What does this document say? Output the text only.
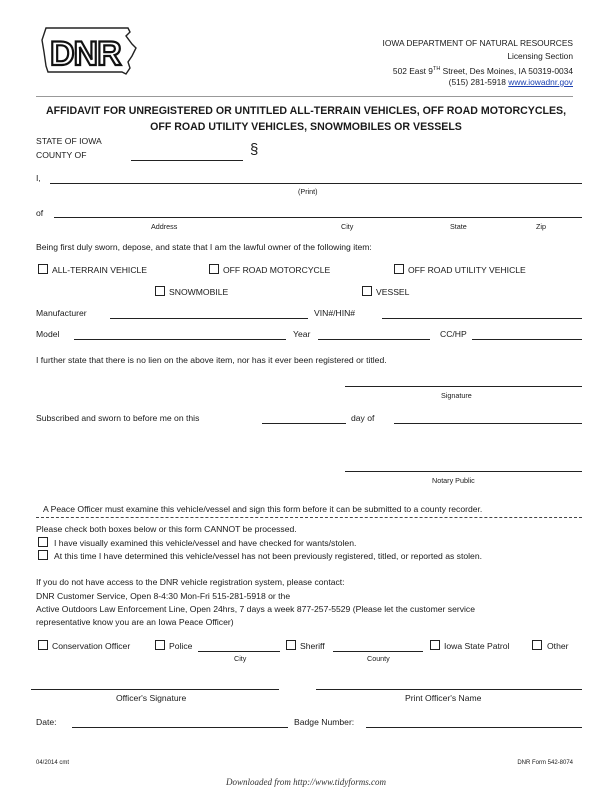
DNR	IOWA DEPARTMENT OF NATURAL RESOURCES
Licensing Section
502 East 9TH Street, Des Moines, IA 50319-0034
(515) 281-5918 www.iowadnr.gov
AFFIDAVIT FOR UNREGISTERED OR UNTITLED ALL-TERRAIN VEHICLES, OFF ROAD MOTORCYCLES,
OFF ROAD UTILITY VEHICLES, SNOWMOBILES OR VESSELS
STATE OF IOWA
COUNTY OF	§
I,
(Print)
of
Address	City	State	Zip
Being first duly sworn, depose, and state that I am the lawful owner of the following item:
ALL-TERRAIN VEHICLE	OFF ROAD MOTORCYCLE	OFF ROAD UTILITY VEHICLE
SNOWMOBILE	VESSEL
Manufacturer	VIN#/HIN#
Model	Year	CC/HP
I further state that there is no lien on the above item, nor has it ever been registered or titled.
Signature
Subscribed and sworn to before me on this	day of
Notary Public
A Peace Officer must examine this vehicle/vessel and sign this form before it can be submitted to a county recorder.
Please check both boxes below or this form CANNOT be processed.
I have visually examined this vehicle/vessel and have checked for wants/stolen.
At this time I have determined this vehicle/vessel has not been previously registered, titled, or reported as stolen.
If you do not have access to the DNR vehicle registration system, please contact:
DNR Customer Service, Open 8-4:30 Mon-Fri 515-281-5918 or the
Active Outdoors Law Enforcement Line, Open 24hrs, 7 days a week 877-257-5529 (Please let the customer service
representative know you are an Iowa Peace Officer)
Conservation Officer	Police
City
Sheriff
County
Iowa State Patrol	Other
Officer's Signature	Print Officer's Name
Date:	Badge Number:
04/2014 cmt	DNR Form 542-8074
Downloaded from http://www.tidyforms.com
